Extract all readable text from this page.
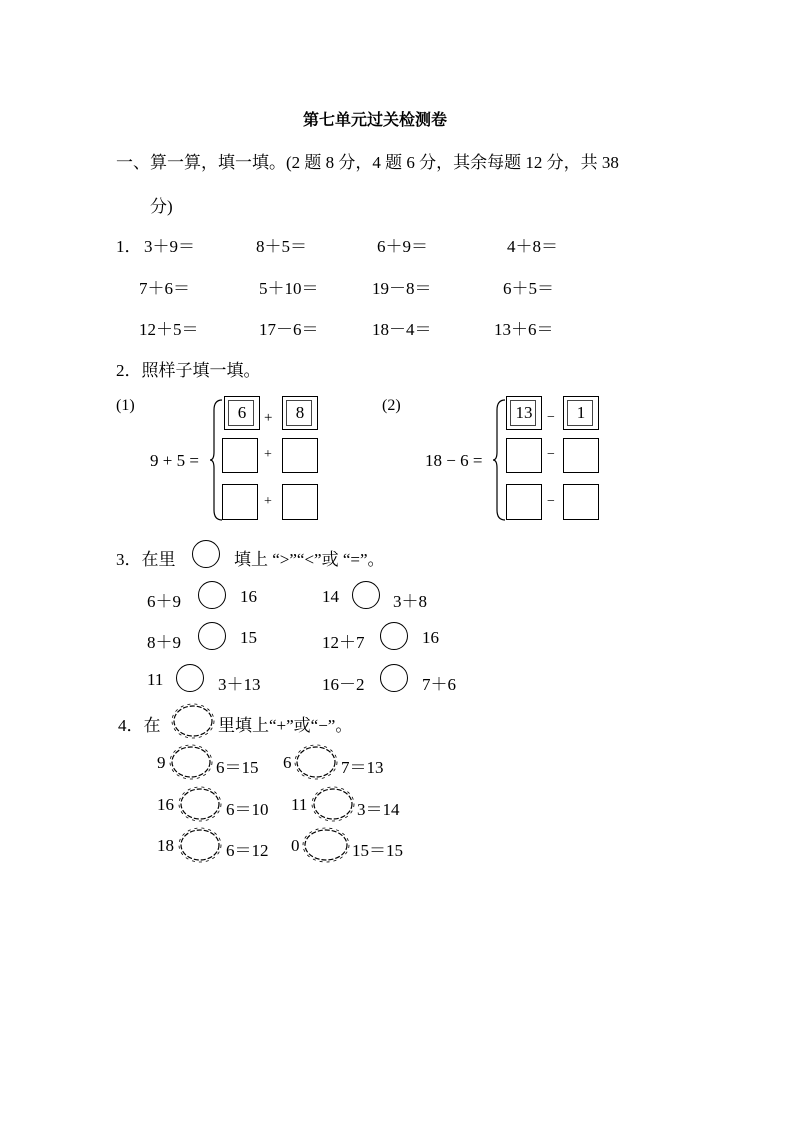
第七单元过关检测卷
一、算一算，填一填。(2 题 8 分，4 题 6 分，其余每题 12 分，共 38
分)
1． 3＋9＝	8＋5＝	6＋9＝	4＋8＝
7＋6＝	5＋10＝	19－8＝	6＋5＝
12＋5＝	17－6＝	18－4＝	13＋6＝
2．照样子填一填。
(1)
9 + 5 =
6	+	8
+
+
(2)
18 − 6 =
13	−	1
−
−
3．在里	填上 “>”“<”或 “=”。
6＋9	16	14	3＋8
8＋9	15	12＋7	16
11	3＋13	16－2	7＋6
4．在	里填上“+”或“−”。
9	6＝15 6	7＝13
16	6＝10 11	3＝14
18	6＝12 0	15＝15
